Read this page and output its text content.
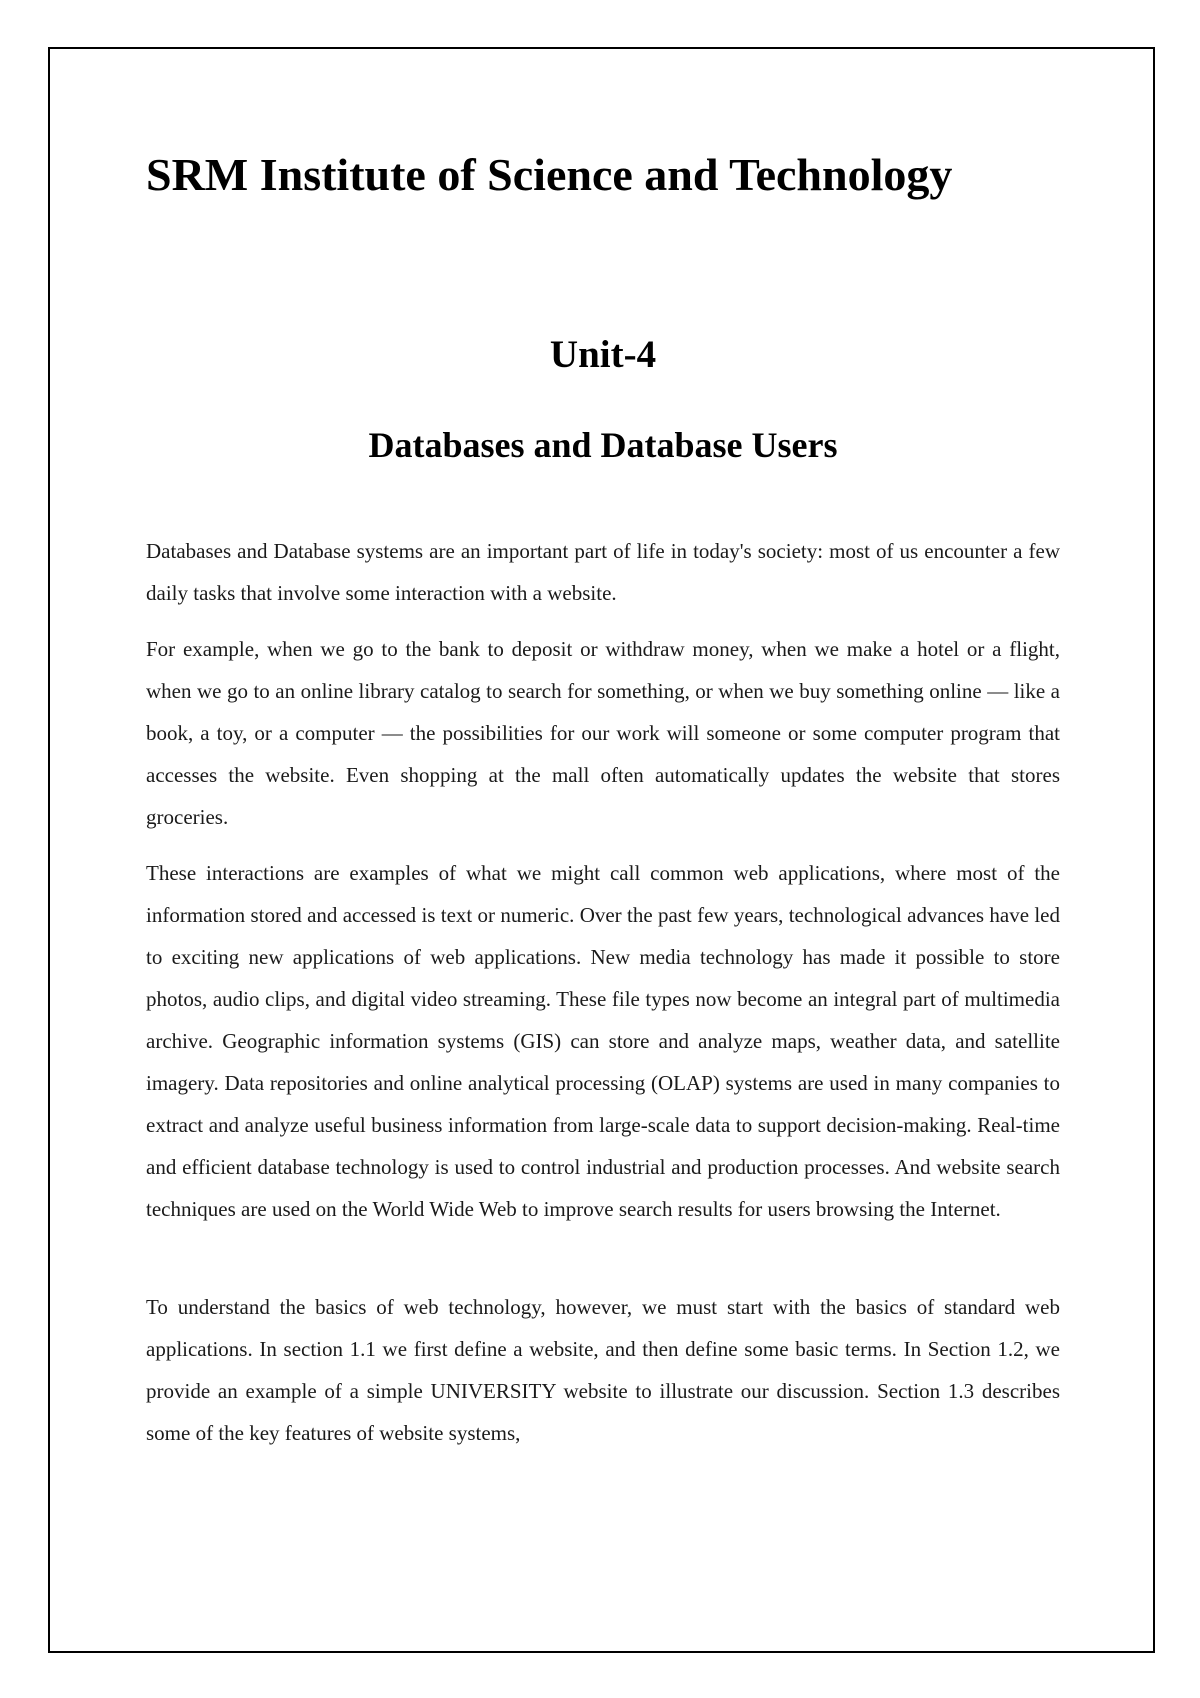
SRM Institute of Science and Technology
Unit-4
Databases and Database Users

Databases and Database systems are an important part of life in today's society: most of us encounter a few daily tasks that involve some interaction with a website.

For example, when we go to the bank to deposit or withdraw money, when we make a hotel or a flight, when we go to an online library catalog to search for something, or when we buy something online — like a book, a toy, or a computer — the possibilities for our work will someone or some computer program that accesses the website. Even shopping at the mall often automatically updates the website that stores groceries.

These interactions are examples of what we might call common web applications, where most of the information stored and accessed is text or numeric. Over the past few years, technological advances have led to exciting new applications of web applications. New media technology has made it possible to store photos, audio clips, and digital video streaming. These file types now become an integral part of multimedia archive. Geographic information systems (GIS) can store and analyze maps, weather data, and satellite imagery. Data repositories and online analytical processing (OLAP) systems are used in many companies to extract and analyze useful business information from large-scale data to support decision-making. Real-time and efficient database technology is used to control industrial and production processes. And website search techniques are used on the World Wide Web to improve search results for users browsing the Internet.

To understand the basics of web technology, however, we must start with the basics of standard web applications. In section 1.1 we first define a website, and then define some basic terms. In Section 1.2, we provide an example of a simple UNIVERSITY website to illustrate our discussion. Section 1.3 describes some of the key features of website systems,
